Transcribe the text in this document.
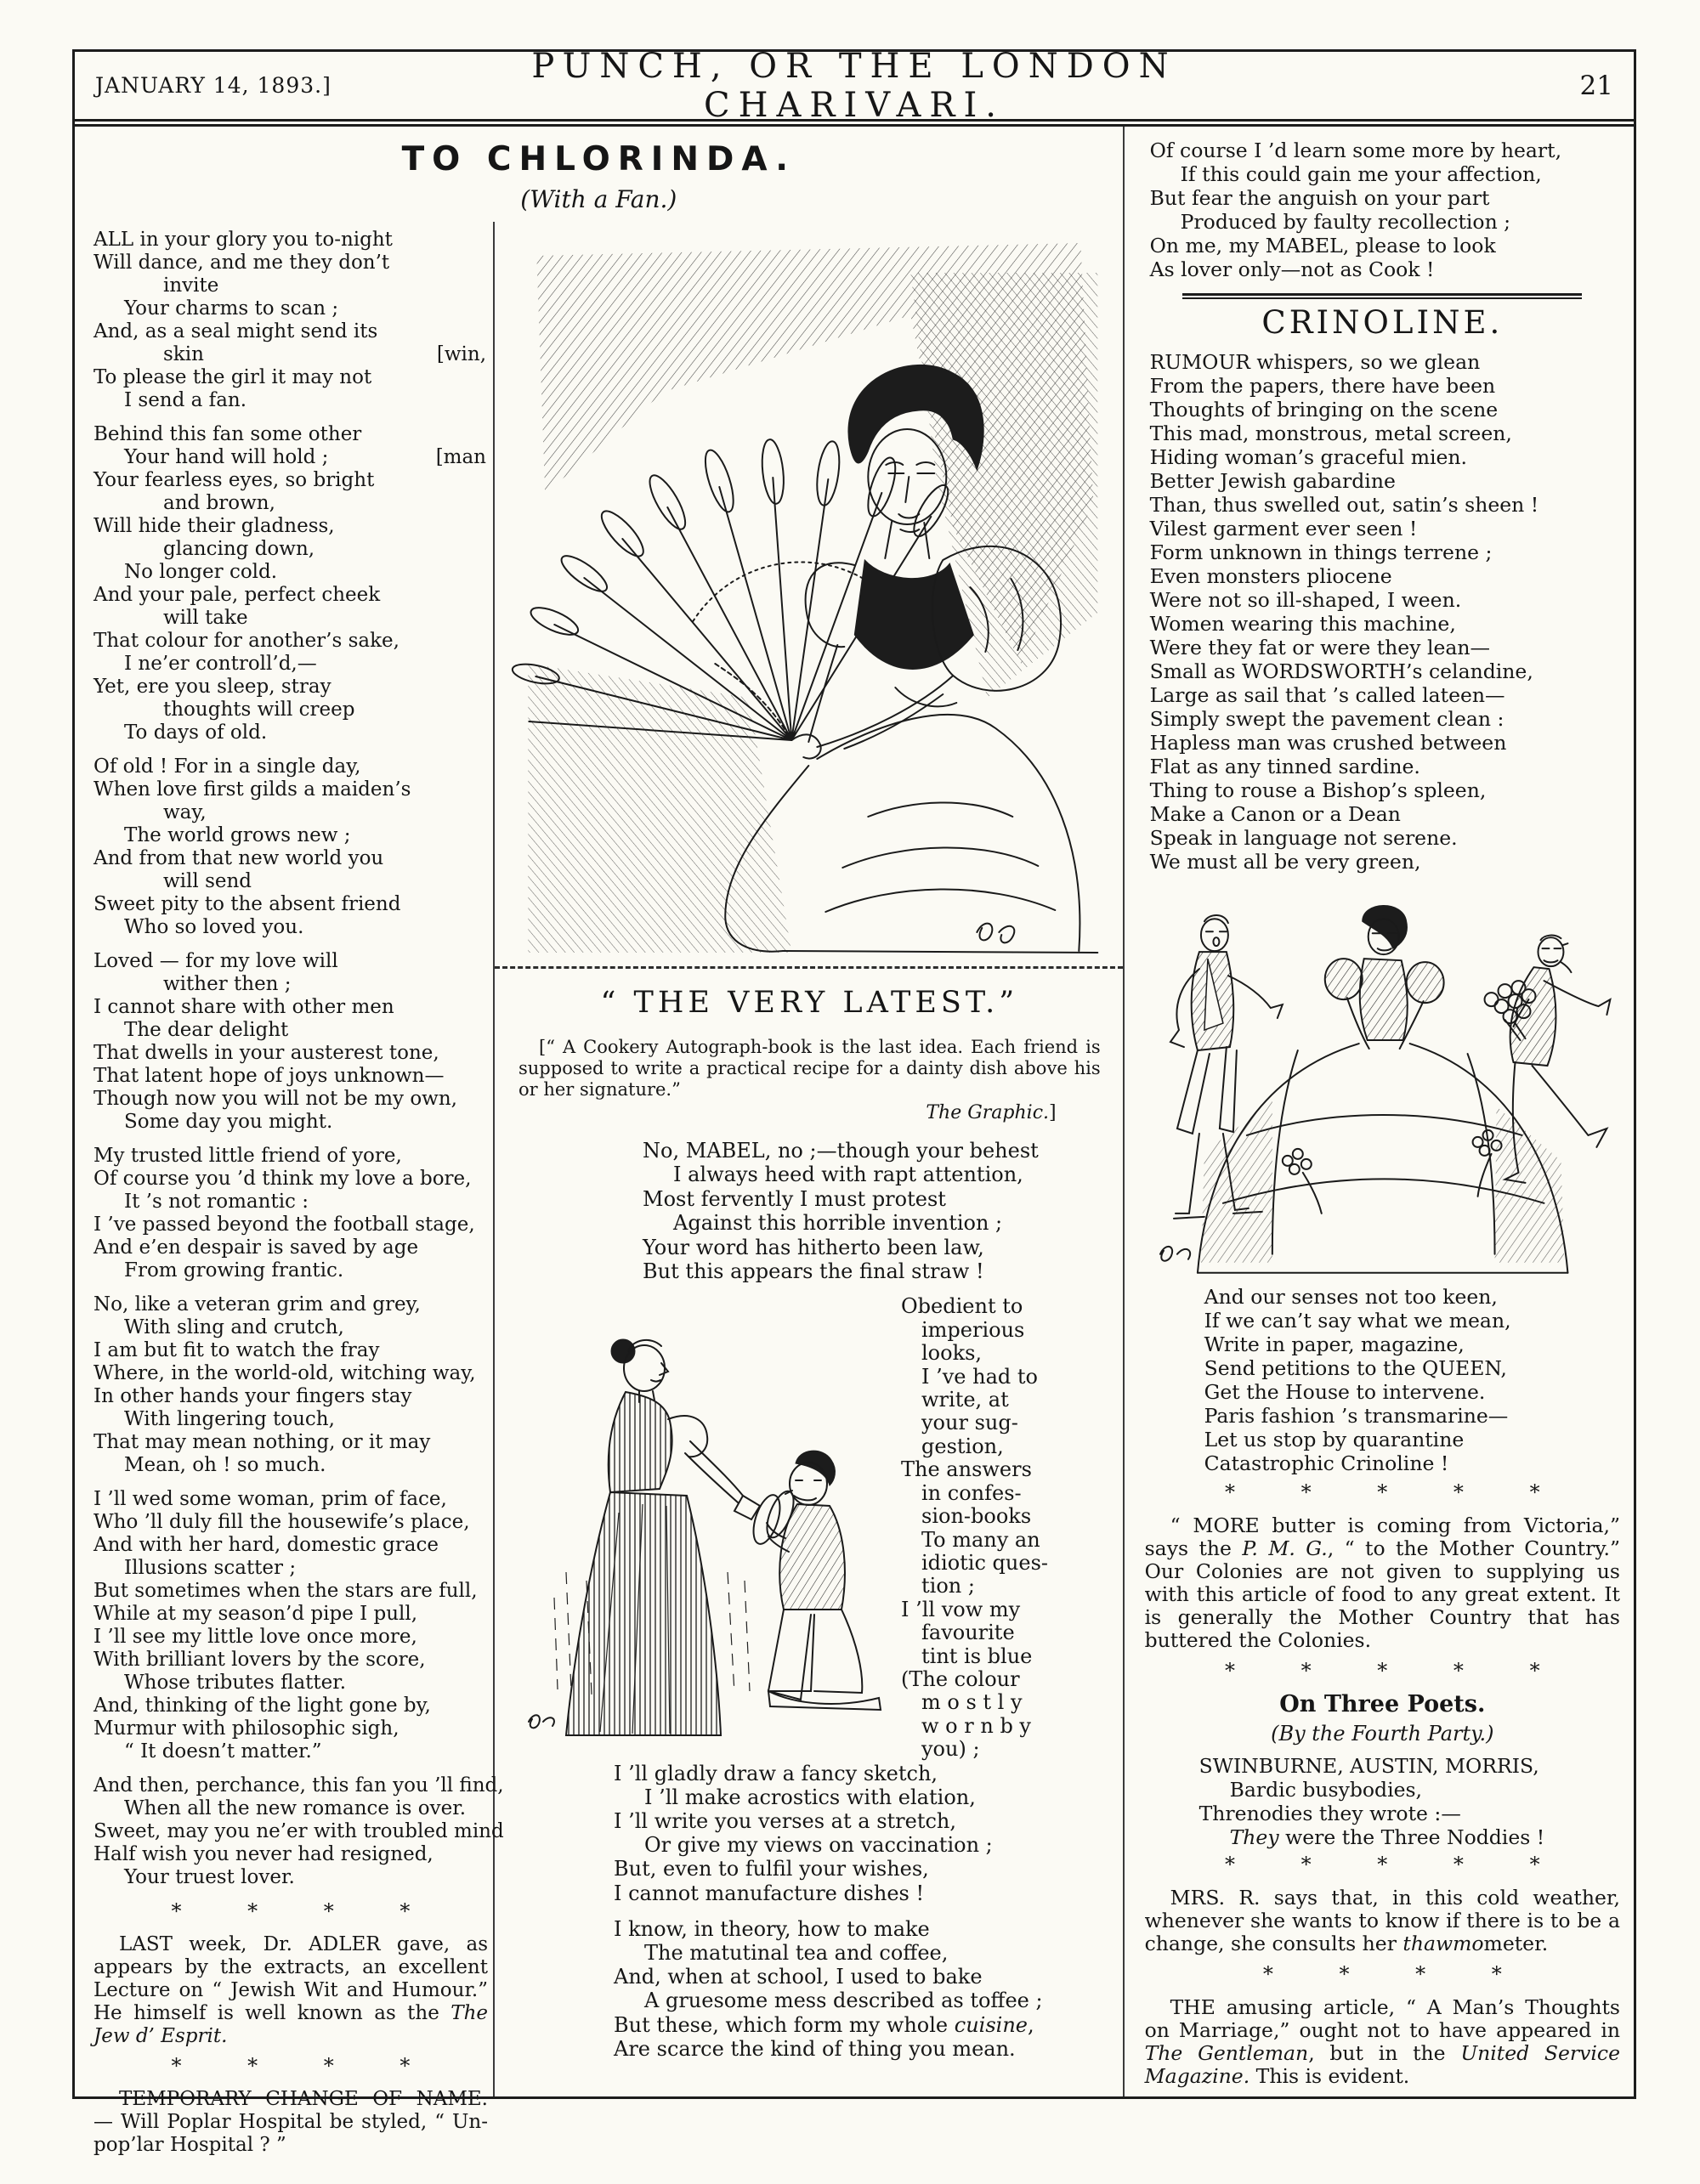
JANUARY 14, 1893.]	PUNCH, OR THE LONDON CHARIVARI.	21
TO CHLORINDA.
(With a Fan.)
ALL in your glory you to-night
Will dance, and me they don’t
invite
Your charms to scan ;
And, as a seal might send its
skin	[win,
To please the girl it may not
I send a fan.
Behind this fan some other
Your hand will hold ;	[man
Your fearless eyes, so bright
and brown,
Will hide their gladness,
glancing down,
No longer cold.
And your pale, perfect cheek
will take
That colour for another’s sake,
I ne’er controll’d,—
Yet, ere you sleep, stray
thoughts will creep
To days of old.
Of old ! For in a single day,
When love first gilds a maiden’s
way,
The world grows new ;
And from that new world you
will send
Sweet pity to the absent friend
Who so loved you.
Loved — for my love will
wither then ;
I cannot share with other men
The dear delight
That dwells in your austerest tone,
That latent hope of joys unknown—
Though now you will not be my own,
Some day you might.
My trusted little friend of yore,
Of course you ’d think my love a bore,
It ’s not romantic :
I ’ve passed beyond the football stage,
And e’en despair is saved by age
From growing frantic.
No, like a veteran grim and grey,
With sling and crutch,
I am but fit to watch the fray
Where, in the world-old, witching way,
In other hands your fingers stay
With lingering touch,
That may mean nothing, or it may
Mean, oh ! so much.
I ’ll wed some woman, prim of face,
Who ’ll duly fill the housewife’s place,
And with her hard, domestic grace
Illusions scatter ;
But sometimes when the stars are full,
While at my season’d pipe I pull,
I ’ll see my little love once more,
With brilliant lovers by the score,
Whose tributes flatter.
And, thinking of the light gone by,
Murmur with philosophic sigh,
“ It doesn’t matter.”
And then, perchance, this fan you ’ll find,
When all the new romance is over.
Sweet, may you ne’er with troubled mind
Half wish you never had resigned,
Your truest lover.
* * * *

LAST week, Dr. ADLER gave, as appears by the extracts, an excellent Lecture on “ Jewish Wit and Humour.” He himself is well known as the The Jew d’ Esprit.

* * * *

TEMPORARY CHANGE OF NAME. — Will Poplar Hospital be styled, “ Un-pop’lar Hospital ? ”

“ THE VERY LATEST.”

[“ A Cookery Autograph-book is the last idea. Each friend is supposed to write a practical recipe for a dainty dish above his or her signature.”

The Graphic.]
No, MABEL, no ;—though your behest
I always heed with rapt attention,
Most fervently I must protest
Against this horrible invention ;
Your word has hitherto been law,
But this appears the final straw !
Obedient to
imperious
looks,
I ’ve had to
write, at
your sug-
gestion,
The answers
in confes-
sion-books
To many an
idiotic ques-
tion ;
I ’ll vow my
favourite
tint is blue
(The colour
m o s t l y
w o r n b y
you) ;
I ’ll gladly draw a fancy sketch,
I ’ll make acrostics with elation,
I ’ll write you verses at a stretch,
Or give my views on vaccination ;
But, even to fulfil your wishes,
I cannot manufacture dishes !
I know, in theory, how to make
The matutinal tea and coffee,
And, when at school, I used to bake
A gruesome mess described as toffee ;
But these, which form my whole cuisine,
Are scarce the kind of thing you mean.
Of course I ’d learn some more by heart,
If this could gain me your affection,
But fear the anguish on your part
Produced by faulty recollection ;
On me, my MABEL, please to look
As lover only—not as Cook !
CRINOLINE.
RUMOUR whispers, so we glean
From the papers, there have been
Thoughts of bringing on the scene
This mad, monstrous, metal screen,
Hiding woman’s graceful mien.
Better Jewish gabardine
Than, thus swelled out, satin’s sheen !
Vilest garment ever seen !
Form unknown in things terrene ;
Even monsters pliocene
Were not so ill-shaped, I ween.
Women wearing this machine,
Were they fat or were they lean—
Small as WORDSWORTH’s celandine,
Large as sail that ’s called lateen—
Simply swept the pavement clean :
Hapless man was crushed between
Flat as any tinned sardine.
Thing to rouse a Bishop’s spleen,
Make a Canon or a Dean
Speak in language not serene.
We must all be very green,
And our senses not too keen,
If we can’t say what we mean,
Write in paper, magazine,
Send petitions to the QUEEN,
Get the House to intervene.
Paris fashion ’s transmarine—
Let us stop by quarantine
Catastrophic Crinoline !
* * * * *

“ MORE butter is coming from Victoria,” says the P. M. G., “ to the Mother Country.” Our Colonies are not given to supplying us with this article of food to any great extent. It is generally the Mother Country that has buttered the Colonies.

* * * * *
On Three Poets.
(By the Fourth Party.)
SWINBURNE, AUSTIN, MORRIS,
Bardic busybodies,
Threnodies they wrote :—
They were the Three Noddies !
* * * * *

MRS. R. says that, in this cold weather, whenever she wants to know if there is to be a change, she consults her thawmometer.

* * * *

THE amusing article, “ A Man’s Thoughts on Marriage,” ought not to have appeared in The Gentleman, but in the United Service Magazine. This is evident.
